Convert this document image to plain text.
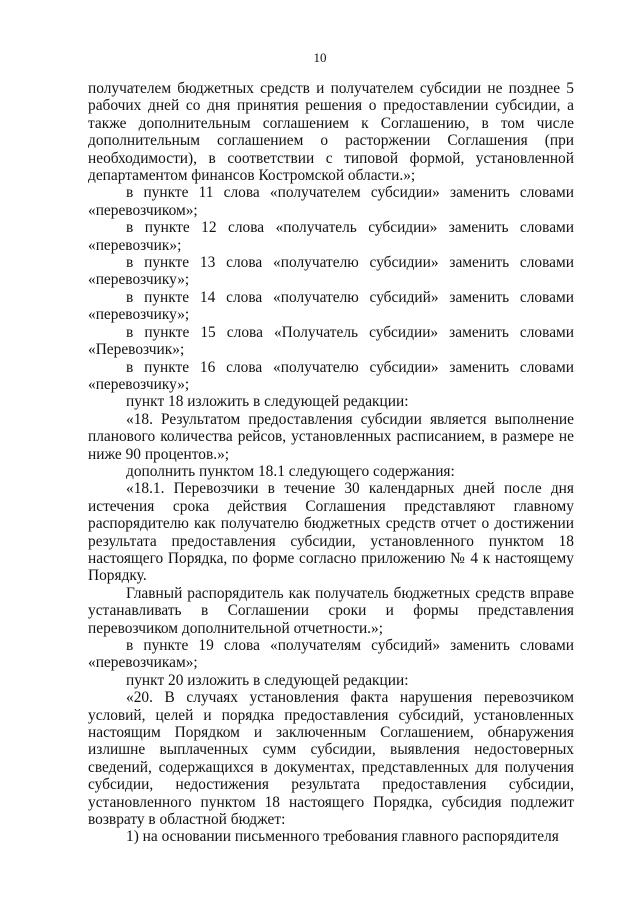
10

получателем бюджетных средств и получателем субсидии не позднее 5 рабочих дней со дня принятия решения о предоставлении субсидии, а также дополнительным соглашением к Соглашению, в том числе дополнительным соглашением о расторжении Соглашения (при необходимости), в соответствии с типовой формой, установленной департаментом финансов Костромской области.»;

в пункте 11 слова «получателем субсидии» заменить словами «перевозчиком»;

в пункте 12 слова «получатель субсидии» заменить словами «перевозчик»;

в пункте 13 слова «получателю субсидии» заменить словами «перевозчику»;

в пункте 14 слова «получателю субсидий» заменить словами «перевозчику»;

в пункте 15 слова «Получатель субсидии» заменить словами «Перевозчик»;

в пункте 16 слова «получателю субсидии» заменить словами «перевозчику»;

пункт 18 изложить в следующей редакции:

«18. Результатом предоставления субсидии является выполнение планового количества рейсов, установленных расписанием, в размере не ниже 90 процентов.»;

дополнить пунктом 18.1 следующего содержания:

«18.1. Перевозчики в течение 30 календарных дней после дня истечения срока действия Соглашения представляют главному распорядителю как получателю бюджетных средств отчет о достижении результата предоставления субсидии, установленного пунктом 18 настоящего Порядка, по форме согласно приложению № 4 к настоящему Порядку.

Главный распорядитель как получатель бюджетных средств вправе устанавливать в Соглашении сроки и формы представления перевозчиком дополнительной отчетности.»;

в пункте 19 слова «получателям субсидий» заменить словами «перевозчикам»;

пункт 20 изложить в следующей редакции:

«20. В случаях установления факта нарушения перевозчиком условий, целей и порядка предоставления субсидий, установленных настоящим Порядком и заключенным Соглашением, обнаружения излишне выплаченных сумм субсидии, выявления недостоверных сведений, содержащихся в документах, представленных для получения субсидии, недостижения результата предоставления субсидии, установленного пунктом 18 настоящего Порядка, субсидия подлежит возврату в областной бюджет:

1) на основании письменного требования главного распорядителя
